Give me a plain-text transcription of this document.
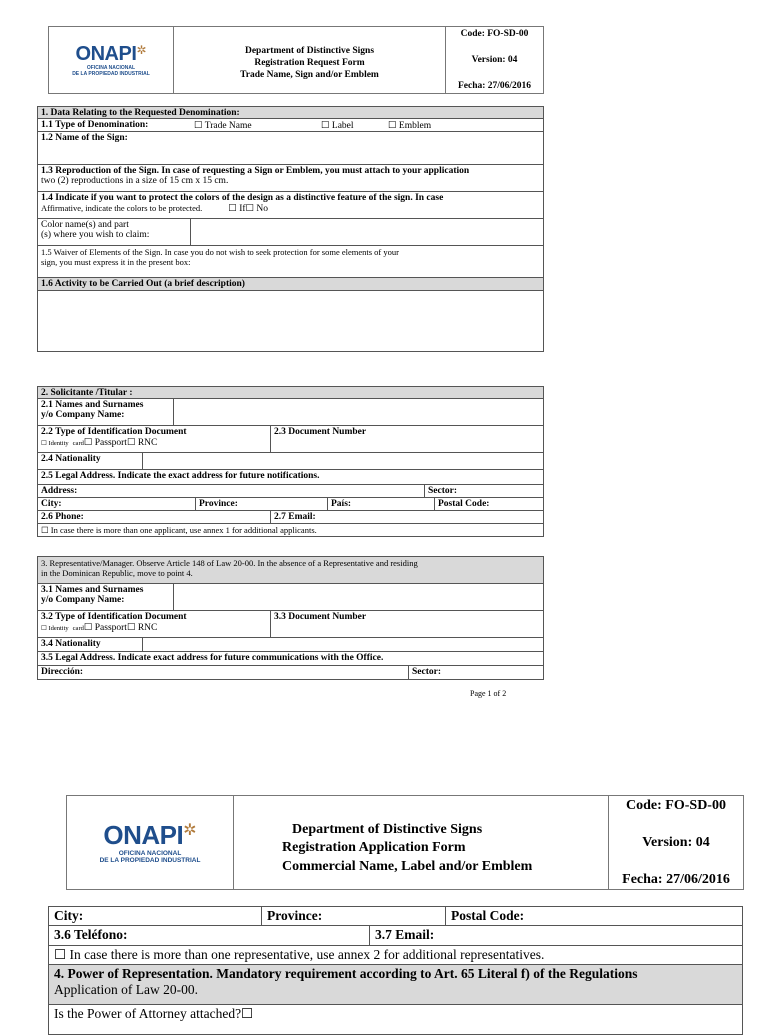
ONAPI✲
OFICINA NACIONAL
DE LA PROPIEDAD INDUSTRIAL

Department of Distinctive Signs
Registration Request Form
Trade Name, Sign and/or Emblem

Code: FO-SD-00
Version: 04
Fecha: 27/06/2016
1. Data Relating to the Requested Denomination:
1.1 Type of Denomination:	☐ Trade Name	☐ Label	☐ Emblem
1.2 Name of the Sign:
1.3 Reproduction of the Sign. In case of requesting a Sign or Emblem, you must attach to your application
two (2) reproductions in a size of 15 cm x 15 cm.
1.4 Indicate if you want to protect the colors of the design as a distinctive feature of the sign. In case
Affirmative, indicate the colors to be protected.	☐ If☐ No
Color name(s) and part
(s) where you wish to claim:
1.5 Waiver of Elements of the Sign. In case you do not wish to seek protection for some elements of your
sign, you must express it in the present box:
1.6 Activity to be Carried Out (a brief description)
2. Solicitante /Titular :
2.1 Names and Surnames
y/o Company Name:
2.2 Type of Identification Document
☐ Identity card☐ Passport☐ RNC
2.3 Document Number
2.4 Nationality
2.5 Legal Address. Indicate the exact address for future notifications.
Address:	Sector:
City:	Province:	País:	Postal Code:
2.6 Phone:	2.7 Email:
☐ In case there is more than one applicant, use annex 1 for additional applicants.
3. Representative/Manager. Observe Article 148 of Law 20-00. In the absence of a Representative and residing
in the Dominican Republic, move to point 4.
3.1 Names and Surnames
y/o Company Name:
3.2 Type of Identification Document
☐ Identity card☐ Passport☐ RNC
3.3 Document Number
3.4 Nationality
3.5 Legal Address. Indicate exact address for future communications with the Office.
Dirección:	Sector:
Page 1 of 2
ONAPI✲
OFICINA NACIONAL
DE LA PROPIEDAD INDUSTRIAL

Department of Distinctive Signs
Registration Application Form
Commercial Name, Label and/or Emblem

Code: FO-SD-00
Version: 04
Fecha: 27/06/2016
City:	Province:	Postal Code:
3.6 Teléfono:	3.7 Email:
☐ In case there is more than one representative, use annex 2 for additional representatives.
4. Power of Representation. Mandatory requirement according to Art. 65 Literal f) of the Regulations
Application of Law 20-00.
Is the Power of Attorney attached?☐
